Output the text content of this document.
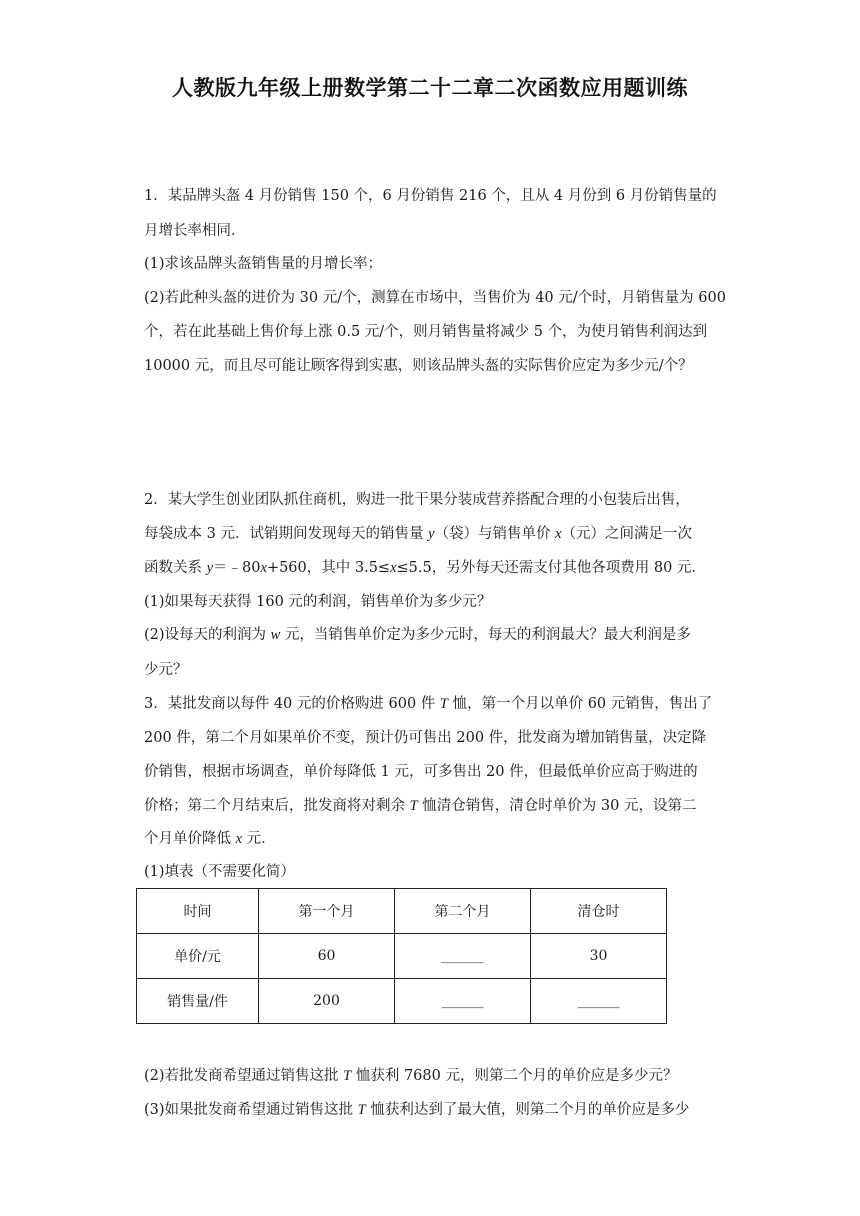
人教版九年级上册数学第二十二章二次函数应用题训练
1．某品牌头盔 4 月份销售 150 个，6 月份销售 216 个，且从 4 月份到 6 月份销售量的
月增长率相同．
(1)求该品牌头盔销售量的月增长率；
(2)若此种头盔的进价为 30 元/个，测算在市场中，当售价为 40 元/个时，月销售量为 600
个，若在此基础上售价每上涨 0.5 元/个，则月销售量将减少 5 个，为使月销售利润达到
10000 元，而且尽可能让顾客得到实惠，则该品牌头盔的实际售价应定为多少元/个？
2．某大学生创业团队抓住商机，购进一批干果分装成营养搭配合理的小包装后出售，
每袋成本 3 元．试销期间发现每天的销售量 y（袋）与销售单价 x（元）之间满足一次
函数关系 y＝﹣80x+560，其中 3.5≤x≤5.5，另外每天还需支付其他各项费用 80 元．
(1)如果每天获得 160 元的利润，销售单价为多少元？
(2)设每天的利润为 w 元，当销售单价定为多少元时，每天的利润最大？最大利润是多
少元？
3．某批发商以每件 40 元的价格购进 600 件 T 恤，第一个月以单价 60 元销售，售出了
200 件，第二个月如果单价不变，预计仍可售出 200 件，批发商为增加销售量，决定降
价销售，根据市场调查，单价每降低 1 元，可多售出 20 件，但最低单价应高于购进的
价格；第二个月结束后，批发商将对剩余 T 恤清仓销售，清仓时单价为 30 元，设第二
个月单价降低 x 元．
(1)填表（不需要化简）
时间	第一个月	第二个月	清仓时
单价/元	60	______	30
销售量/件	200	______	______
(2)若批发商希望通过销售这批 T 恤获利 7680 元，则第二个月的单价应是多少元？
(3)如果批发商希望通过销售这批 T 恤获利达到了最大值，则第二个月的单价应是多少
